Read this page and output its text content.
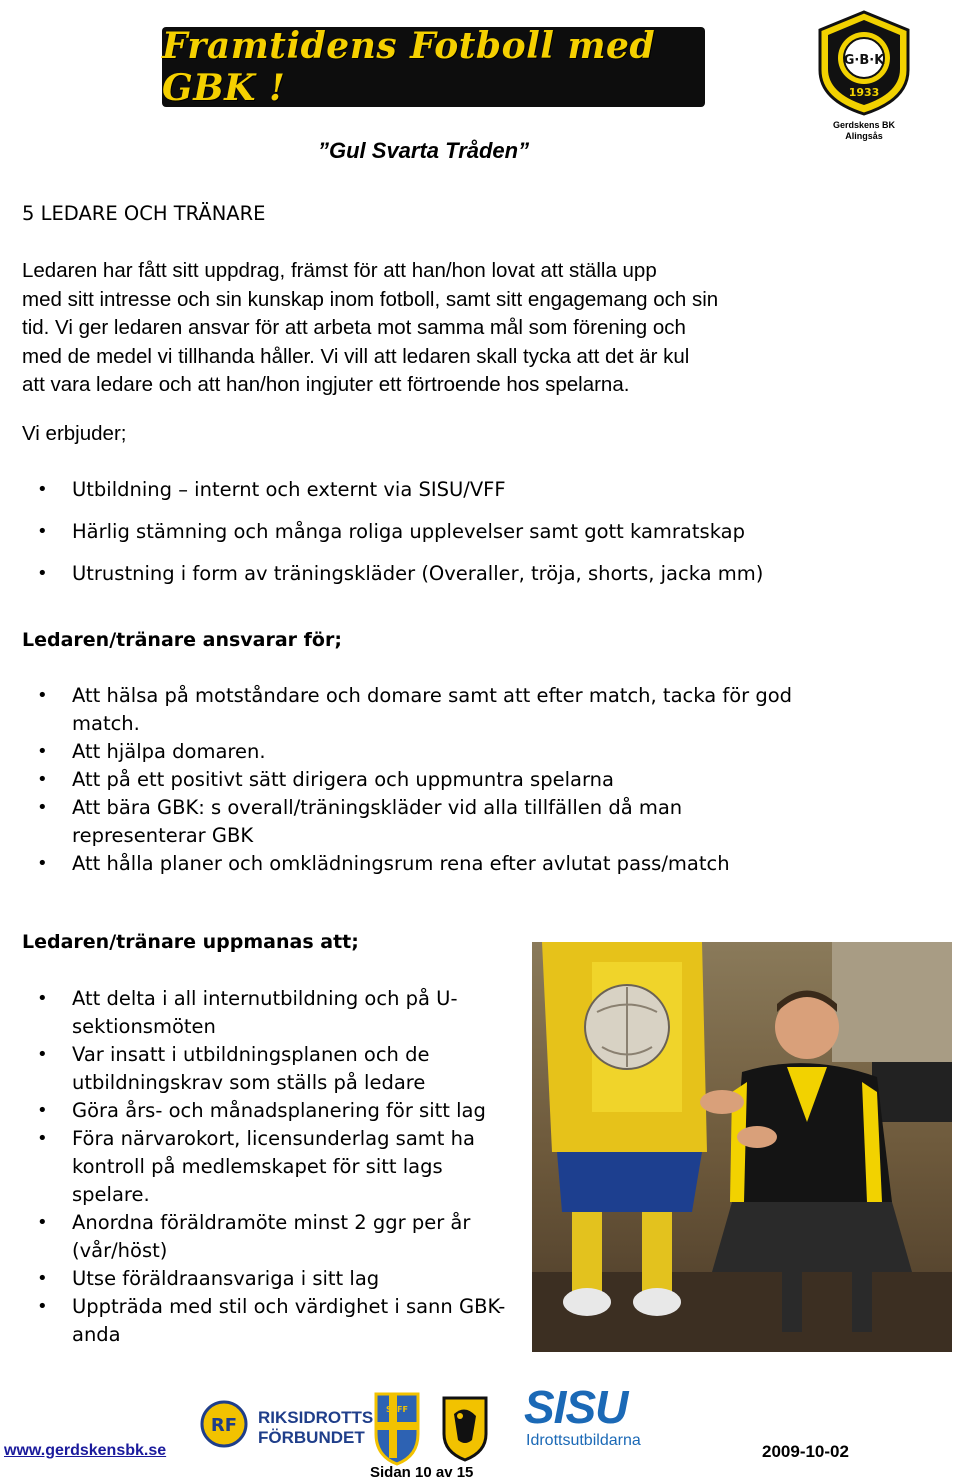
Framtidens Fotboll med GBK !
G·B·K
1933
Gerdskens BK
Alingsås
”Gul Svarta Tråden”
5 LEDARE OCH TRÄNARE

Ledaren har fått sitt uppdrag, främst för att han/hon lovat att ställa upp

med sitt intresse och sin kunskap inom fotboll, samt sitt engagemang och sin

tid. Vi ger ledaren ansvar för att arbeta mot samma mål som förening och

med de medel vi tillhanda håller. Vi vill att ledaren skall tycka att det är kul

att vara ledare och att han/hon ingjuter ett förtroende hos spelarna.

Vi erbjuder;
• Utbildning – internt och externt via SISU/VFF
• Härlig stämning och många roliga upplevelser samt gott kamratskap
• Utrustning i form av träningskläder (Overaller, tröja, shorts, jacka mm)
Ledaren/tränare ansvarar för;
• Att hälsa på motståndare och domare samt att efter match, tacka för god match.
• Att hjälpa domaren.
• Att på ett positivt sätt dirigera och uppmuntra spelarna
• Att bära GBK: s overall/träningskläder vid alla tillfällen då man representerar GBK
• Att hålla planer och omklädningsrum rena efter avlutat pass/match
Ledaren/tränare uppmanas att;
• Att delta i all internutbildning och på U-sektionsmöten
• Var insatt i utbildningsplanen och de utbildningskrav som ställs på ledare
• Göra års- och månadsplanering för sitt lag
• Föra närvarokort, licensunderlag samt ha kontroll på medlemskapet för sitt lags spelare.
• Anordna föräldramöte minst 2 ggr per år (vår/höst)
• Utse föräldraansvariga i sitt lag
• Uppträda med stil och värdighet i sann GBK-anda
www.gerdskensbk.se
RF RIKSIDROTTS
FÖRBUNDET
SvFF	SISU
Idrottsutbildarna
2009-10-02
Sidan 10 av 15
